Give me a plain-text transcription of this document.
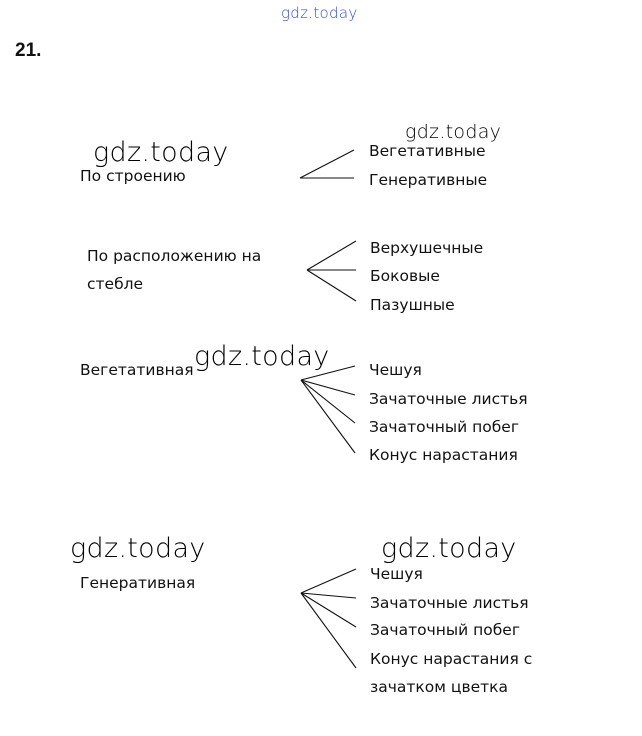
gdz.today
gdz.today
gdz.today
gdz.today
gdz.today	gdz.today
21.
По строению
Вегетативные
Генеративные
По расположению на
стебле
Верхушечные
Боковые
Пазушные
Вегетативная	Чешуя
Зачаточные листья
Зачаточный побег
Конус нарастания
Генеративная	Чешуя
Зачаточные листья
Зачаточный побег
Конус нарастания с
зачатком цветка
